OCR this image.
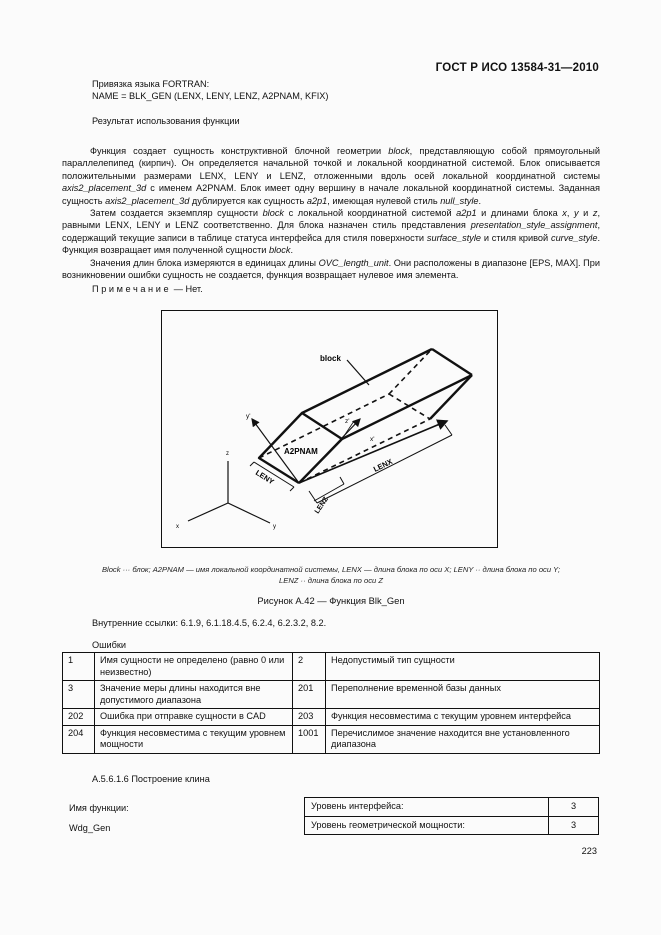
ГОСТ Р ИСО 13584-31—2010
Привязка языка FORTRAN:
NAME = BLK_GEN (LENX, LENY, LENZ, A2PNAM, KFIX)
Результат использования функции

Функция создает сущность конструктивной блочной геометрии block, представляющую собой прямоугольный параллелепипед (кирпич). Он определяется начальной точкой и локальной координатной системой. Блок описывается положительными размерами LENX, LENY и LENZ, отложенными вдоль осей локальной координатной системы axis2_placement_3d с именем A2PNAM. Блок имеет одну вершину в начале локальной координатной системы. Заданная сущность axis2_placement_3d дублируется как сущность a2p1, имеющая нулевой стиль null_style.

Затем создается экземпляр сущности block с локальной координатной системой a2p1 и длинами блока x, y и z, равными LENX, LENY и LENZ соответственно. Для блока назначен стиль представления presentation_style_assignment, содержащий текущие записи в таблице статуса интерфейса для стиля поверхности surface_style и стиля кривой curve_style. Функция возвращает имя полученной сущности block.

Значения длин блока измеряются в единицах длины OVC_length_unit. Они расположены в диапазоне [EPS, MAX]. При возникновении ошибки сущность не создается, функция возвращает нулевое имя элемента.

Примечание — Нет.
z
x	y
y'
z'
x'
LENY
LENX
LENZ
A2PNAM
block
Block ··· блок; A2PNAM — имя локальной координатной системы, LENX — длина блока по оси X; LENY ·· длина блока по оси Y;
LENZ ·· длина блока по оси Z
Рисунок А.42 — Функция Blk_Gen
Внутренние ссылки: 6.1.9, 6.1.18.4.5, 6.2.4, 6.2.3.2, 8.2.
Ошибки
1	Имя сущности не определено (равно 0 или неизвестно)	2	Недопустимый тип сущности
3	Значение меры длины находится вне допустимого диапазона	201	Переполнение временной базы данных
202	Ошибка при отправке сущности в CAD	203	Функция несовместима с текущим уровнем интерфейса
204	Функция несовместима с текущим уровнем мощности	1001	Перечислимое значение находится вне установленного диапазона
А.5.6.1.6 Построение клина
Имя функции:
Wdg_Gen
Уровень интерфейса:	3
Уровень геометрической мощности:	3
223
